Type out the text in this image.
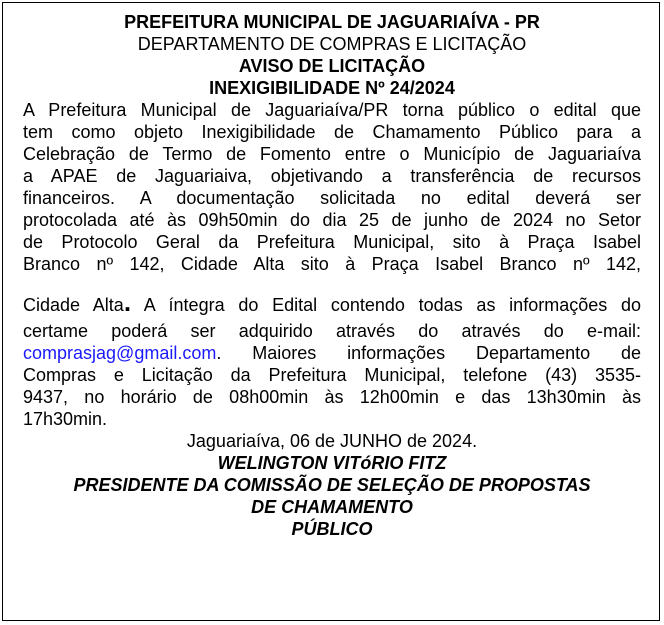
PREFEITURA MUNICIPAL DE JAGUARIAÍVA - PR
DEPARTAMENTO DE COMPRAS E LICITAÇÃO
AVISO DE LICITAÇÃO
INEXIGIBILIDADE Nº 24/2024
A Prefeitura Municipal de Jaguariaíva/PR torna público o edital que
tem como objeto Inexigibilidade de Chamamento Público para a
Celebração de Termo de Fomento entre o Município de Jaguariaíva
a APAE de Jaguariaiva, objetivando a transferência de recursos
financeiros. A documentação solicitada no edital deverá ser
protocolada até às 09h50min do dia 25 de junho de 2024 no Setor
de Protocolo Geral da Prefeitura Municipal, sito à Praça Isabel
Branco nº 142, Cidade Alta sito à Praça Isabel Branco nº 142,
Cidade Alta. A íntegra do Edital contendo todas as informações do
certame poderá ser adquirido através do através do e-mail:
comprasjag@gmail.com. Maiores informações Departamento de
Compras e Licitação da Prefeitura Municipal, telefone (43) 3535-
9437, no horário de 08h00min às 12h00min e das 13h30min às
17h30min.
Jaguariaíva, 06 de JUNHO de 2024.
WELINGTON VITóRIO FITZ
PRESIDENTE DA COMISSÃO DE SELEÇÃO DE PROPOSTAS
DE CHAMAMENTO
PÚBLICO
